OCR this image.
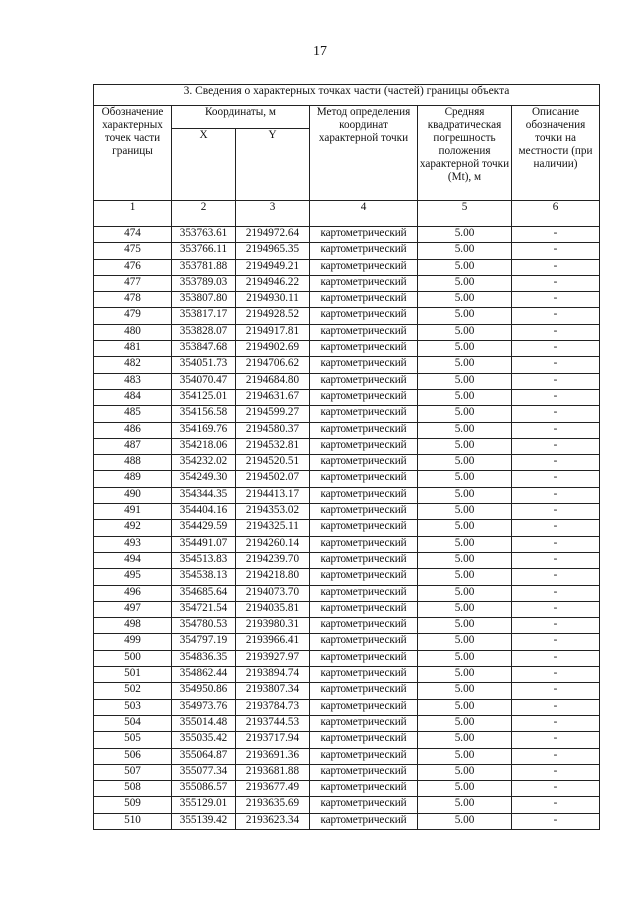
17
3. Сведения о характерных точках части (частей) границы объекта					
Обозначение характерных точек части границы	Координаты, м		Метод определения координат характерной точки	Средняя квадратическая погрешность положения характерной точки (Mt), м	Описание обозначения точки на местности (при наличии)
	X	Y			
1	2	3	4	5	6
474	353763.61	2194972.64	картометрический	5.00	-
475	353766.11	2194965.35	картометрический	5.00	-
476	353781.88	2194949.21	картометрический	5.00	-
477	353789.03	2194946.22	картометрический	5.00	-
478	353807.80	2194930.11	картометрический	5.00	-
479	353817.17	2194928.52	картометрический	5.00	-
480	353828.07	2194917.81	картометрический	5.00	-
481	353847.68	2194902.69	картометрический	5.00	-
482	354051.73	2194706.62	картометрический	5.00	-
483	354070.47	2194684.80	картометрический	5.00	-
484	354125.01	2194631.67	картометрический	5.00	-
485	354156.58	2194599.27	картометрический	5.00	-
486	354169.76	2194580.37	картометрический	5.00	-
487	354218.06	2194532.81	картометрический	5.00	-
488	354232.02	2194520.51	картометрический	5.00	-
489	354249.30	2194502.07	картометрический	5.00	-
490	354344.35	2194413.17	картометрический	5.00	-
491	354404.16	2194353.02	картометрический	5.00	-
492	354429.59	2194325.11	картометрический	5.00	-
493	354491.07	2194260.14	картометрический	5.00	-
494	354513.83	2194239.70	картометрический	5.00	-
495	354538.13	2194218.80	картометрический	5.00	-
496	354685.64	2194073.70	картометрический	5.00	-
497	354721.54	2194035.81	картометрический	5.00	-
498	354780.53	2193980.31	картометрический	5.00	-
499	354797.19	2193966.41	картометрический	5.00	-
500	354836.35	2193927.97	картометрический	5.00	-
501	354862.44	2193894.74	картометрический	5.00	-
502	354950.86	2193807.34	картометрический	5.00	-
503	354973.76	2193784.73	картометрический	5.00	-
504	355014.48	2193744.53	картометрический	5.00	-
505	355035.42	2193717.94	картометрический	5.00	-
506	355064.87	2193691.36	картометрический	5.00	-
507	355077.34	2193681.88	картометрический	5.00	-
508	355086.57	2193677.49	картометрический	5.00	-
509	355129.01	2193635.69	картометрический	5.00	-
510	355139.42	2193623.34	картометрический	5.00	-
